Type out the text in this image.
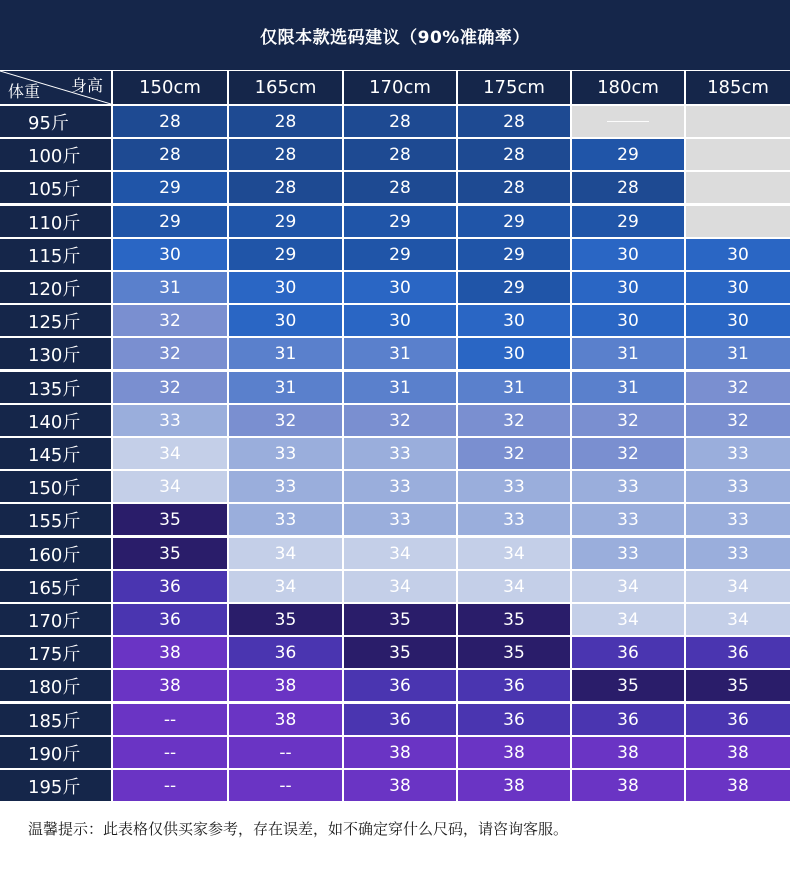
仅限本款选码建议（90%准确率）
身高
体重	150cm	165cm	170cm	175cm	180cm	185cm
95斤	28	28	28	28
100斤	28	28	28	28	29
105斤	29	28	28	28	28
110斤	29	29	29	29	29
115斤	30	29	29	29	30	30
120斤	31	30	30	29	30	30
125斤	32	30	30	30	30	30
130斤	32	31	31	30	31	31
135斤	32	31	31	31	31	32
140斤	33	32	32	32	32	32
145斤	34	33	33	32	32	33
150斤	34	33	33	33	33	33
155斤	35	33	33	33	33	33
160斤	35	34	34	34	33	33
165斤	36	34	34	34	34	34
170斤	36	35	35	35	34	34
175斤	38	36	35	35	36	36
180斤	38	38	36	36	35	35
185斤	--	38	36	36	36	36
190斤	--	--	38	38	38	38
195斤	--	--	38	38	38	38
温馨提示：此表格仅供买家参考，存在误差，如不确定穿什么尺码，请咨询客服。
